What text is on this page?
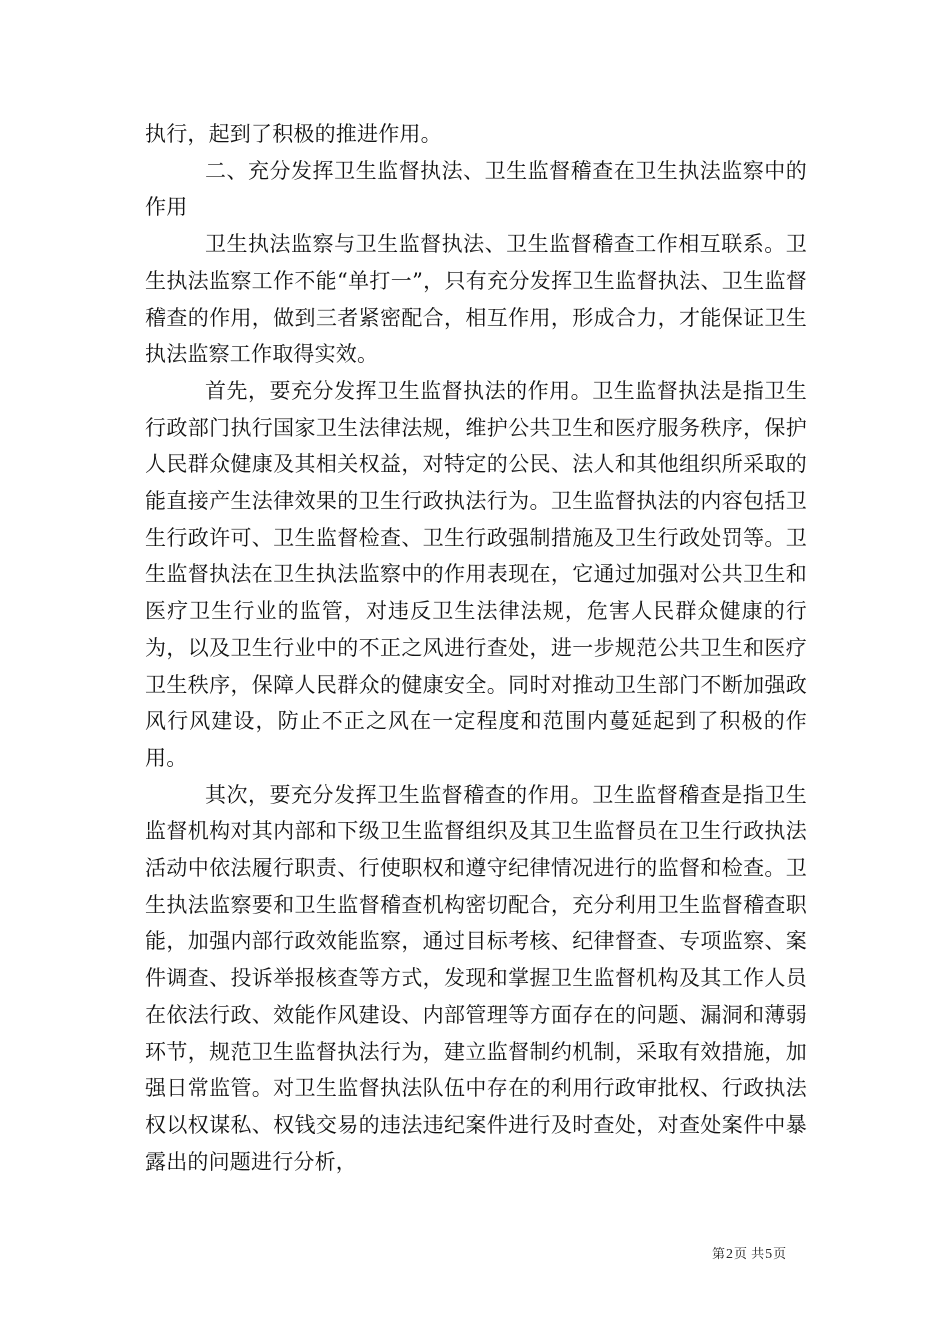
执行，起到了积极的推进作用。

二、充分发挥卫生监督执法、卫生监督稽查在卫生执法监察中的作用

卫生执法监察与卫生监督执法、卫生监督稽查工作相互联系。卫生执法监察工作不能“单打一”，只有充分发挥卫生监督执法、卫生监督稽查的作用，做到三者紧密配合，相互作用，形成合力，才能保证卫生执法监察工作取得实效。

首先，要充分发挥卫生监督执法的作用。卫生监督执法是指卫生行政部门执行国家卫生法律法规，维护公共卫生和医疗服务秩序，保护人民群众健康及其相关权益，对特定的公民、法人和其他组织所采取的能直接产生法律效果的卫生行政执法行为。卫生监督执法的内容包括卫生行政许可、卫生监督检查、卫生行政强制措施及卫生行政处罚等。卫生监督执法在卫生执法监察中的作用表现在，它通过加强对公共卫生和医疗卫生行业的监管，对违反卫生法律法规，危害人民群众健康的行为，以及卫生行业中的不正之风进行查处，进一步规范公共卫生和医疗卫生秩序，保障人民群众的健康安全。同时对推动卫生部门不断加强政风行风建设，防止不正之风在一定程度和范围内蔓延起到了积极的作用。

其次，要充分发挥卫生监督稽查的作用。卫生监督稽查是指卫生监督机构对其内部和下级卫生监督组织及其卫生监督员在卫生行政执法活动中依法履行职责、行使职权和遵守纪律情况进行的监督和检查。卫生执法监察要和卫生监督稽查机构密切配合，充分利用卫生监督稽查职能，加强内部行政效能监察，通过目标考核、纪律督查、专项监察、案件调查、投诉举报核查等方式，发现和掌握卫生监督机构及其工作人员在依法行政、效能作风建设、内部管理等方面存在的问题、漏洞和薄弱环节，规范卫生监督执法行为，建立监督制约机制，采取有效措施，加强日常监管。对卫生监督执法队伍中存在的利用行政审批权、行政执法权以权谋私、权钱交易的违法违纪案件进行及时查处，对查处案件中暴露出的问题进行分析，

第2页 共5页
